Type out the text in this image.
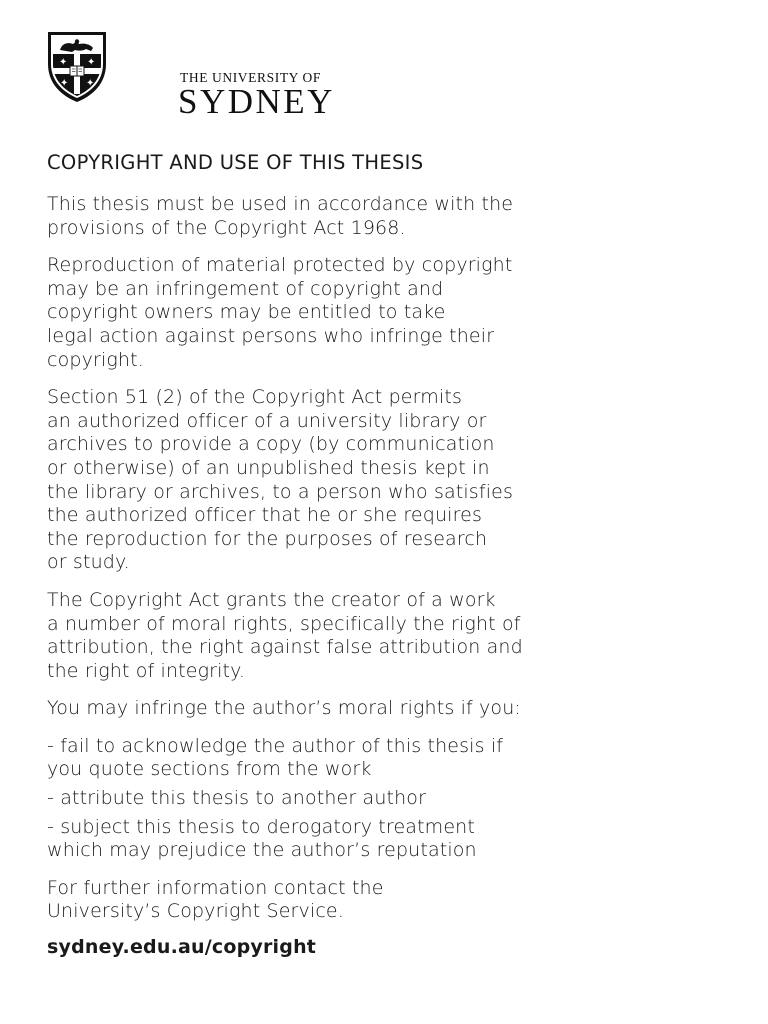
✦ ✦
✦ ✦	THE UNIVERSITY OF
SYDNEY
COPYRIGHT AND USE OF THIS THESIS

This thesis must be used in accordance with the
provisions of the Copyright Act 1968.

Reproduction of material protected by copyright
may be an infringement of copyright and
copyright owners may be entitled to take
legal action against persons who infringe their
copyright.

Section 51 (2) of the Copyright Act permits
an authorized officer of a university library or
archives to provide a copy (by communication
or otherwise) of an unpublished thesis kept in
the library or archives, to a person who satisfies
the authorized officer that he or she requires
the reproduction for the purposes of research
or study.

The Copyright Act grants the creator of a work
a number of moral rights, specifically the right of
attribution, the right against false attribution and
the right of integrity.

You may infringe the author’s moral rights if you:

- fail to acknowledge the author of this thesis if
you quote sections from the work
- attribute this thesis to another author
- subject this thesis to derogatory treatment
which may prejudice the author’s reputation

For further information contact the
University’s Copyright Service.

sydney.edu.au/copyright
